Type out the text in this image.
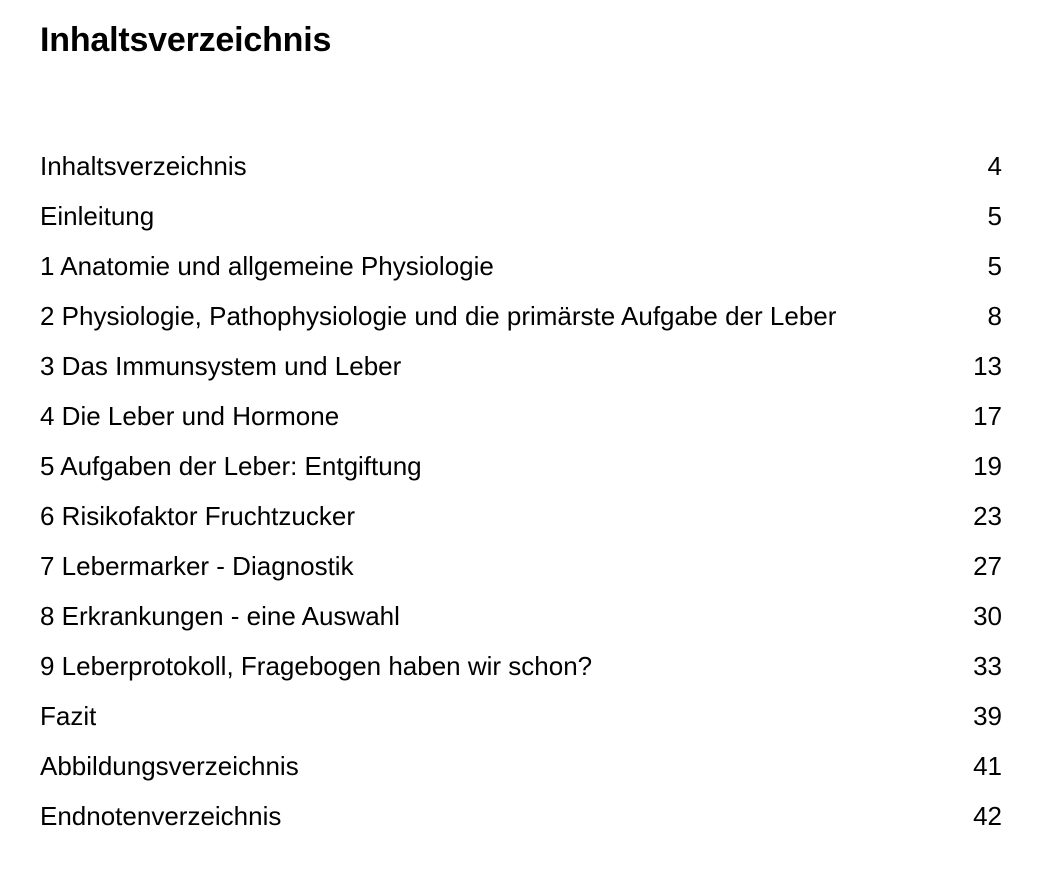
Inhaltsverzeichnis
Inhaltsverzeichnis	4
Einleitung	5
1 Anatomie und allgemeine Physiologie	5
2 Physiologie, Pathophysiologie und die primärste Aufgabe der Leber	8
3 Das Immunsystem und Leber	13
4 Die Leber und Hormone	17
5 Aufgaben der Leber: Entgiftung	19
6 Risikofaktor Fruchtzucker	23
7 Lebermarker - Diagnostik	27
8 Erkrankungen - eine Auswahl	30
9 Leberprotokoll, Fragebogen haben wir schon?	33
Fazit	39
Abbildungsverzeichnis	41
Endnotenverzeichnis	42
